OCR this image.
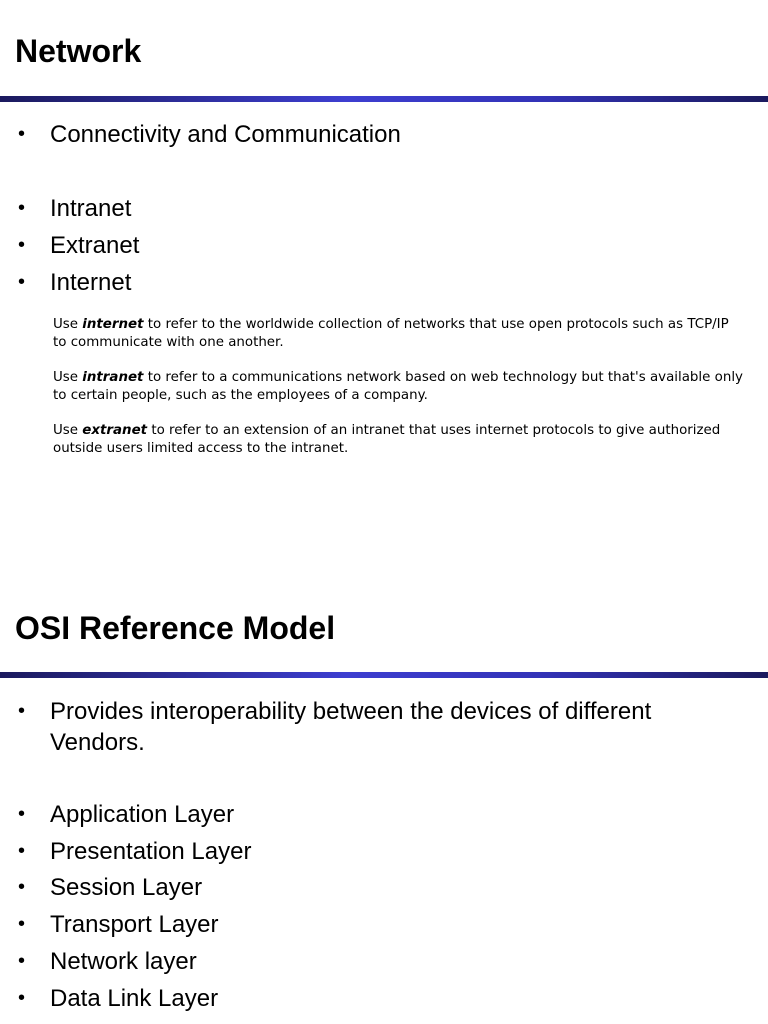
Network
• Connectivity and Communication
• Intranet
• Extranet
• Internet

Use internet to refer to the worldwide collection of networks that use open protocols such as TCP/IP to communicate with one another.

Use intranet to refer to a communications network based on web technology but that's available only to certain people, such as the employees of a company.

Use extranet to refer to an extension of an intranet that uses internet protocols to give authorized outside users limited access to the intranet.

OSI Reference Model
• Provides interoperability between the devices of different Vendors.
• Application Layer
• Presentation Layer
• Session Layer
• Transport Layer
• Network layer
• Data Link Layer
